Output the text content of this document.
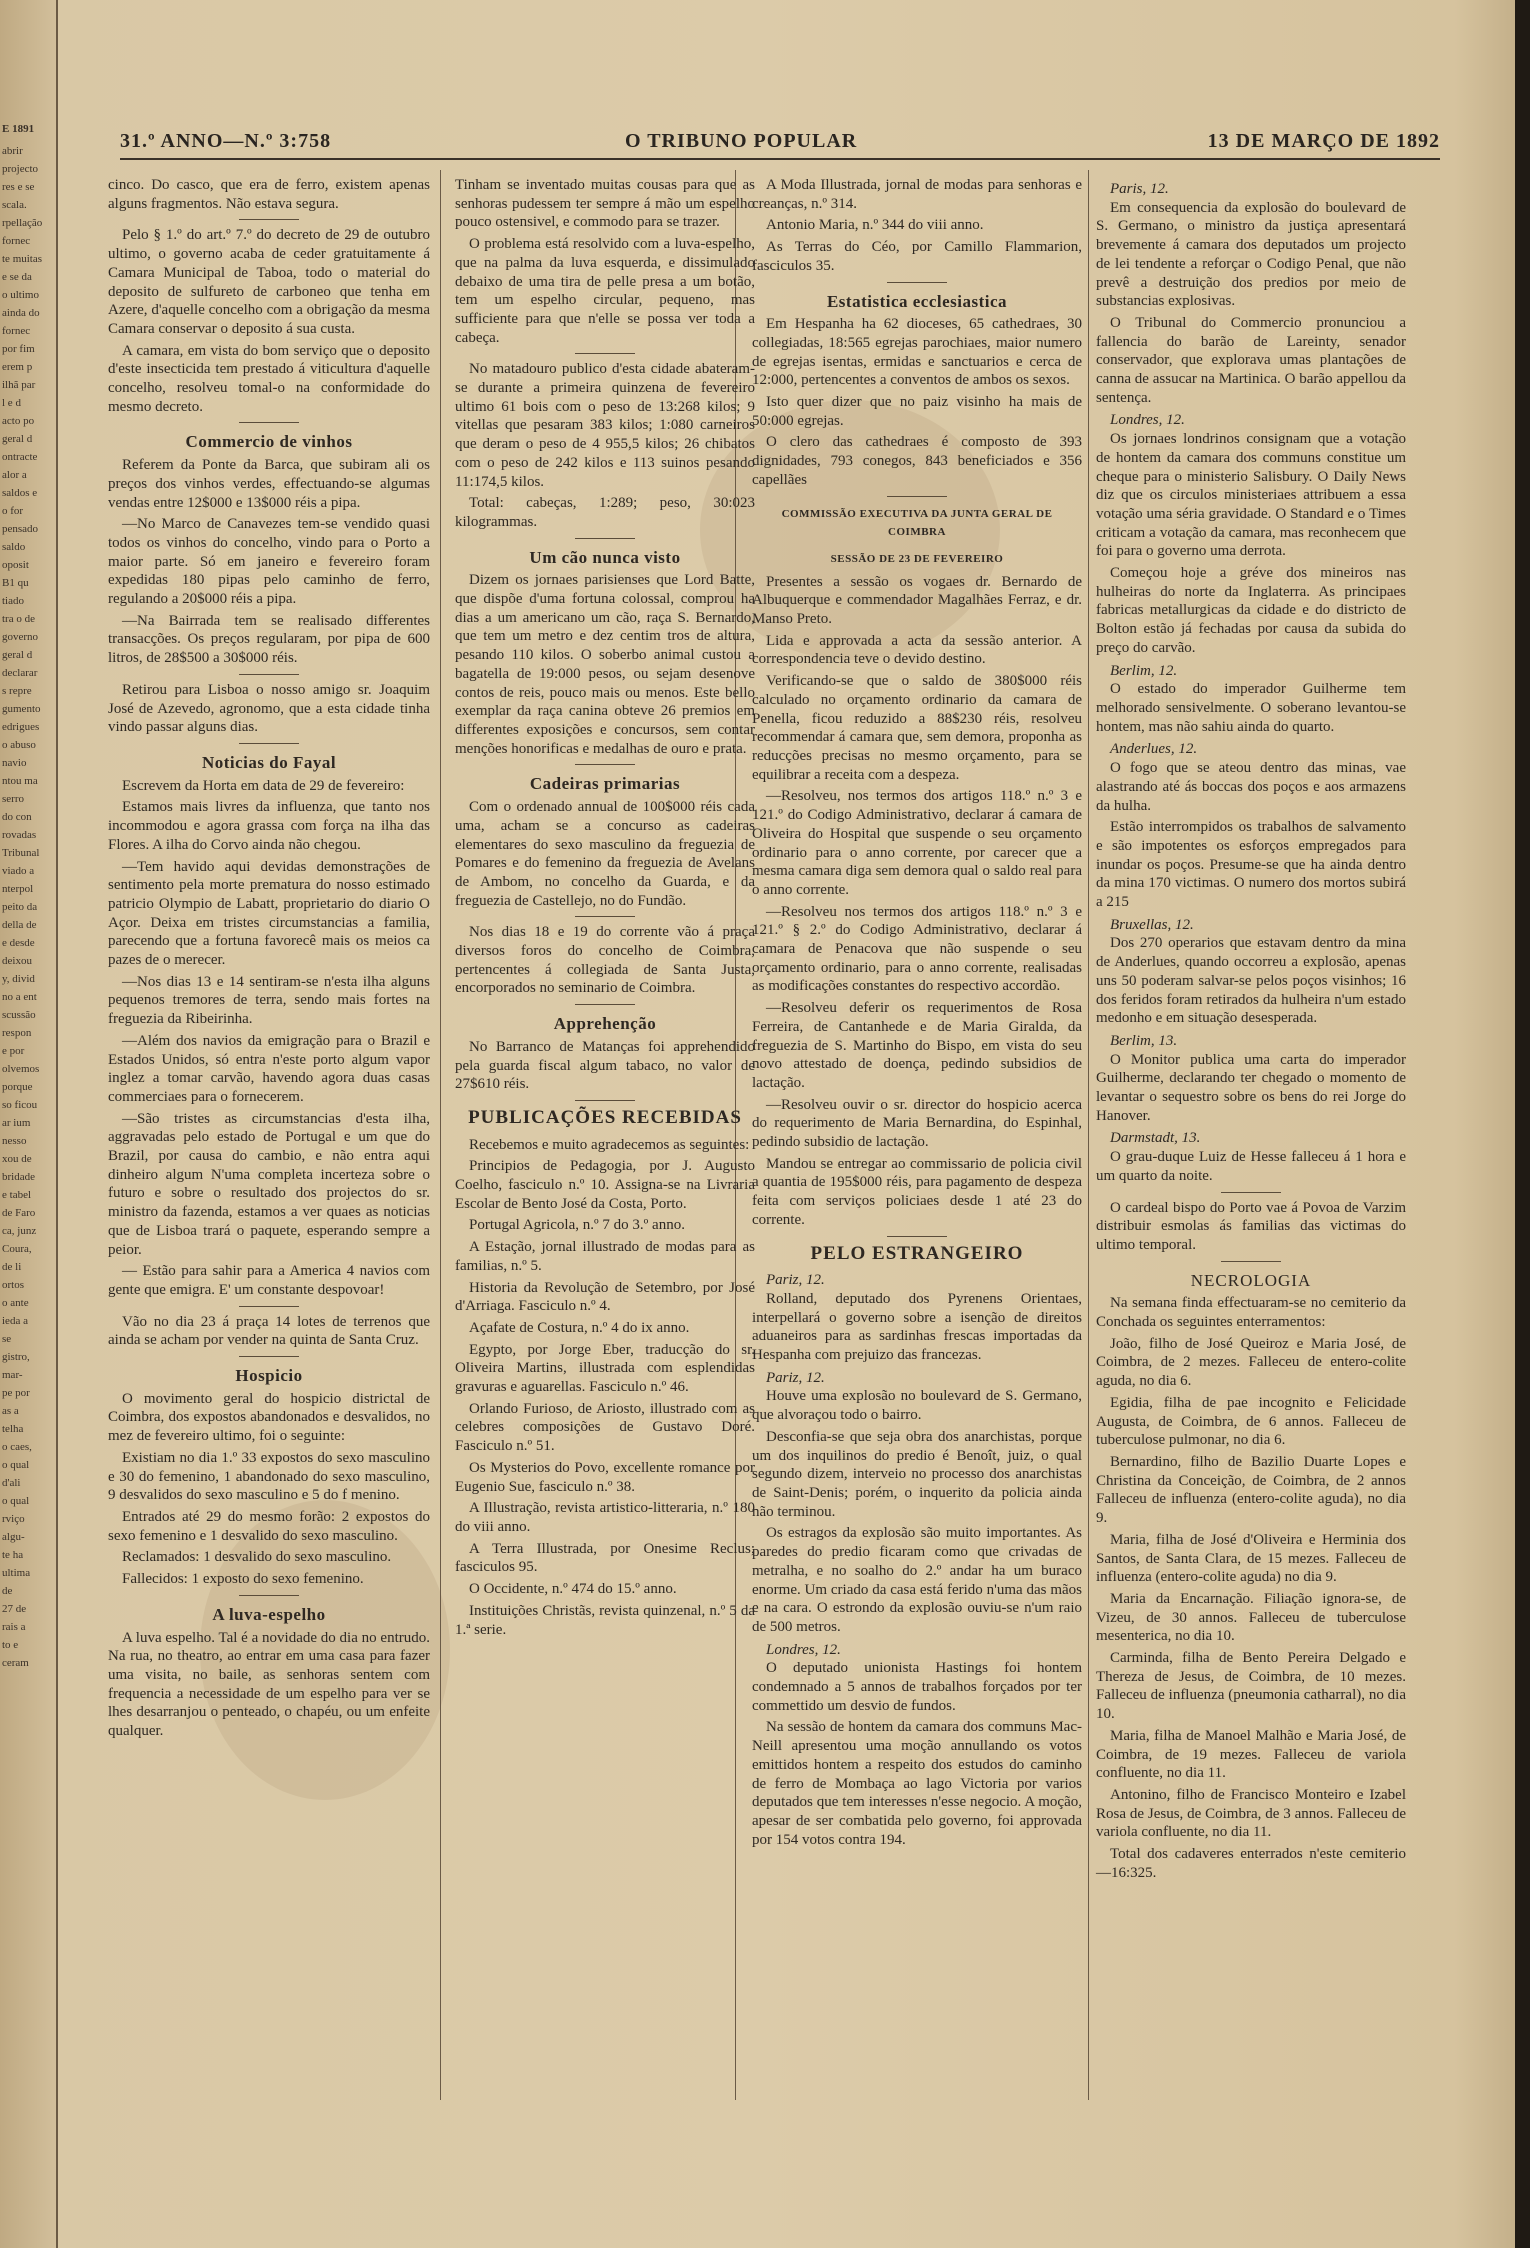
E 1891
abrir
projecto
res e se
scala.
rpellação
fornec
te muitas
e se da
o ultimo
ainda do
fornec
por fim
erem p
ilhã par
l e d
acto po
geral d
ontracte
alor a
saldos e
o for
pensado
saldo
oposit
B1 qu
tiado
tra o de
governo
geral d
declarar
s repre
gumento
edrigues
o abuso
navio
ntou ma
serro
do con
rovadas
Tribunal
viado a
nterpol
peito da
della de
e desde
deixou
y, divid
no a ent
scussão
respon
e por
olvemos
porque
so ficou
ar ium
nesso
xou de
bridade
e tabel
de Faro
ca, junz
Coura,
de li
ortos
o ante
ieda a
se
gistro,
mar-
pe por
as a
telha
o caes,
o qual
d'ali
o qual
rviço
algu-
te ha
ultima
de
27 de
rais a
to e
ceram
31.º ANNO—N.º 3:758	O TRIBUNO POPULAR	13 DE MARÇO DE 1892

cinco. Do casco, que era de ferro, existem apenas alguns fragmentos. Não estava segura.

Pelo § 1.º do art.º 7.º do decreto de 29 de outubro ultimo, o governo acaba de ceder gratuitamente á Camara Municipal de Taboa, todo o material do deposito de sulfureto de carboneo que tenha em Azere, d'aquelle concelho com a obrigação da mesma Camara conservar o deposito á sua custa.

A camara, em vista do bom serviço que o deposito d'este insecticida tem prestado á viticultura d'aquelle concelho, resolveu tomal-o na conformidade do mesmo decreto.

Commercio de vinhos

Referem da Ponte da Barca, que subiram ali os preços dos vinhos verdes, effectuando-se algumas vendas entre 12$000 e 13$000 réis a pipa.

—No Marco de Canavezes tem-se vendido quasi todos os vinhos do concelho, vindo para o Porto a maior parte. Só em janeiro e fevereiro foram expedidas 180 pipas pelo caminho de ferro, regulando a 20$000 réis a pipa.

—Na Bairrada tem se realisado differentes transacções. Os preços regularam, por pipa de 600 litros, de 28$500 a 30$000 réis.

Retirou para Lisboa o nosso amigo sr. Joaquim José de Azevedo, agronomo, que a esta cidade tinha vindo passar alguns dias.

Noticias do Fayal

Escrevem da Horta em data de 29 de fevereiro:

Estamos mais livres da influenza, que tanto nos incommodou e agora grassa com força na ilha das Flores. A ilha do Corvo ainda não chegou.

—Tem havido aqui devidas demonstrações de sentimento pela morte prematura do nosso estimado patricio Olympio de Labatt, proprietario do diario O Açor. Deixa em tristes circumstancias a familia, parecendo que a fortuna favorecê mais os meios ca pazes de o merecer.

—Nos dias 13 e 14 sentiram-se n'esta ilha alguns pequenos tremores de terra, sendo mais fortes na freguezia da Ribeirinha.

—Além dos navios da emigração para o Brazil e Estados Unidos, só entra n'este porto algum vapor inglez a tomar carvão, havendo agora duas casas commerciaes para o fornecerem.

—São tristes as circumstancias d'esta ilha, aggravadas pelo estado de Portugal e um que do Brazil, por causa do cambio, e não entra aqui dinheiro algum N'uma completa incerteza sobre o futuro e sobre o resultado dos projectos do sr. ministro da fazenda, estamos a ver quaes as noticias que de Lisboa trará o paquete, esperando sempre a peior.

— Estão para sahir para a America 4 navios com gente que emigra. E' um constante despovoar!

Vão no dia 23 á praça 14 lotes de terrenos que ainda se acham por vender na quinta de Santa Cruz.

Hospicio

O movimento geral do hospicio districtal de Coimbra, dos expostos abandonados e desvalidos, no mez de fevereiro ultimo, foi o seguinte:

Existiam no dia 1.º 33 expostos do sexo masculino e 30 do femenino, 1 abandonado do sexo masculino, 9 desvalidos do sexo masculino e 5 do f menino.

Entrados até 29 do mesmo forão: 2 expostos do sexo femenino e 1 desvalido do sexo masculino.

Reclamados: 1 desvalido do sexo masculino.

Fallecidos: 1 exposto do sexo femenino.

A luva-espelho

A luva espelho. Tal é a novidade do dia no entrudo. Na rua, no theatro, ao entrar em uma casa para fazer uma visita, no baile, as senhoras sentem com frequencia a necessidade de um espelho para ver se lhes desarranjou o penteado, o chapéu, ou um enfeite qualquer.

Tinham se inventado muitas cousas para que as senhoras pudessem ter sempre á mão um espelho pouco ostensivel, e commodo para se trazer.

O problema está resolvido com a luva-espelho, que na palma da luva esquerda, e dissimulado debaixo de uma tira de pelle presa a um botão, tem um espelho circular, pequeno, mas sufficiente para que n'elle se possa ver toda a cabeça.

No matadouro publico d'esta cidade abateram-se durante a primeira quinzena de fevereiro ultimo 61 bois com o peso de 13:268 kilos; 9 vitellas que pesaram 383 kilos; 1:080 carneiros que deram o peso de 4 955,5 kilos; 26 chibatos com o peso de 242 kilos e 113 suinos pesando 11:174,5 kilos.

Total: cabeças, 1:289; peso, 30:023 kilogrammas.

Um cão nunca visto

Dizem os jornaes parisienses que Lord Batte, que dispõe d'uma fortuna colossal, comprou ha dias a um americano um cão, raça S. Bernardo, que tem um metro e dez centim tros de altura, pesando 110 kilos. O soberbo animal custou a bagatella de 19:000 pesos, ou sejam desenove contos de reis, pouco mais ou menos. Este bello exemplar da raça canina obteve 26 premios em differentes exposições e concursos, sem contar menções honorificas e medalhas de ouro e prata.

Cadeiras primarias

Com o ordenado annual de 100$000 réis cada uma, acham se a concurso as cadeiras elementares do sexo masculino da freguezia de Pomares e do femenino da freguezia de Avelans de Ambom, no concelho da Guarda, e da freguezia de Castellejo, no do Fundão.

Nos dias 18 e 19 do corrente vão á praça diversos foros do concelho de Coimbra, pertencentes á collegiada de Santa Justa, encorporados no seminario de Coimbra.

Apprehenção

No Barranco de Matanças foi apprehendido pela guarda fiscal algum tabaco, no valor de 27$610 réis.

PUBLICAÇÕES RECEBIDAS

Recebemos e muito agradecemos as seguintes:

Principios de Pedagogia, por J. Augusto Coelho, fasciculo n.º 10. Assigna-se na Livraria Escolar de Bento José da Costa, Porto.

Portugal Agricola, n.º 7 do 3.º anno.

A Estação, jornal illustrado de modas para as familias, n.º 5.

Historia da Revolução de Setembro, por José d'Arriaga. Fasciculo n.º 4.

Açafate de Costura, n.º 4 do ix anno.

Egypto, por Jorge Eber, traducção do sr. Oliveira Martins, illustrada com esplendidas gravuras e aguarellas. Fasciculo n.º 46.

Orlando Furioso, de Ariosto, illustrado com as celebres composições de Gustavo Doré. Fasciculo n.º 51.

Os Mysterios do Povo, excellente romance por Eugenio Sue, fasciculo n.º 38.

A Illustração, revista artistico-litteraria, n.º 180 do viii anno.

A Terra Illustrada, por Onesime Reclus; fasciculos 95.

O Occidente, n.º 474 do 15.º anno.

Instituições Christãs, revista quinzenal, n.º 5 da 1.ª serie.

A Moda Illustrada, jornal de modas para senhoras e creanças, n.º 314.

Antonio Maria, n.º 344 do viii anno.

As Terras do Céo, por Camillo Flammarion, fasciculos 35.

Estatistica ecclesiastica

Em Hespanha ha 62 dioceses, 65 cathedraes, 30 collegiadas, 18:565 egrejas parochiaes, maior numero de egrejas isentas, ermidas e sanctuarios e cerca de 12:000, pertencentes a conventos de ambos os sexos.

Isto quer dizer que no paiz visinho ha mais de 50:000 egrejas.

O clero das cathedraes é composto de 393 dignidades, 793 conegos, 843 beneficiados e 356 capellães

COMMISSÃO EXECUTIVA DA JUNTA GERAL DE COIMBRA
SESSÃO DE 23 DE FEVEREIRO

Presentes a sessão os vogaes dr. Bernardo de Albuquerque e commendador Magalhães Ferraz, e dr. Manso Preto.

Lida e approvada a acta da sessão anterior. A correspondencia teve o devido destino.

Verificando-se que o saldo de 380$000 réis calculado no orçamento ordinario da camara de Penella, ficou reduzido a 88$230 réis, resolveu recommendar á camara que, sem demora, proponha as reducções precisas no mesmo orçamento, para se equilibrar a receita com a despeza.

—Resolveu, nos termos dos artigos 118.º n.º 3 e 121.º do Codigo Administrativo, declarar á camara de Oliveira do Hospital que suspende o seu orçamento ordinario para o anno corrente, por carecer que a mesma camara diga sem demora qual o saldo real para o anno corrente.

—Resolveu nos termos dos artigos 118.º n.º 3 e 121.º § 2.º do Codigo Administrativo, declarar á camara de Penacova que não suspende o seu orçamento ordinario, para o anno corrente, realisadas as modificações constantes do respectivo accordão.

—Resolveu deferir os requerimentos de Rosa Ferreira, de Cantanhede e de Maria Giralda, da freguezia de S. Martinho do Bispo, em vista do seu novo attestado de doença, pedindo subsidios de lactação.

—Resolveu ouvir o sr. director do hospicio acerca do requerimento de Maria Bernardina, do Espinhal, pedindo subsidio de lactação.

Mandou se entregar ao commissario de policia civil a quantia de 195$000 réis, para pagamento de despeza feita com serviços policiaes desde 1 até 23 do corrente.

PELO ESTRANGEIRO
Pariz, 12.

Rolland, deputado dos Pyrenens Orientaes, interpellará o governo sobre a isenção de direitos aduaneiros para as sardinhas frescas importadas da Hespanha com prejuizo das francezas.

Pariz, 12.

Houve uma explosão no boulevard de S. Germano, que alvoraçou todo o bairro.

Desconfia-se que seja obra dos anarchistas, porque um dos inquilinos do predio é Benoît, juiz, o qual segundo dizem, interveio no processo dos anarchistas de Saint-Denis; porém, o inquerito da policia ainda não terminou.

Os estragos da explosão são muito importantes. As paredes do predio ficaram como que crivadas de metralha, e no soalho do 2.º andar ha um buraco enorme. Um criado da casa está ferido n'uma das mãos e na cara. O estrondo da explosão ouviu-se n'um raio de 500 metros.

Londres, 12.

O deputado unionista Hastings foi hontem condemnado a 5 annos de trabalhos forçados por ter commettido um desvio de fundos.

Na sessão de hontem da camara dos communs Mac-Neill apresentou uma moção annullando os votos emittidos hontem a respeito dos estudos do caminho de ferro de Mombaça ao lago Victoria por varios deputados que tem interesses n'esse negocio. A moção, apesar de ser combatida pelo governo, foi approvada por 154 votos contra 194.

Paris, 12.

Em consequencia da explosão do boulevard de S. Germano, o ministro da justiça apresentará brevemente á camara dos deputados um projecto de lei tendente a reforçar o Codigo Penal, que não prevê a destruição dos predios por meio de substancias explosivas.

O Tribunal do Commercio pronunciou a fallencia do barão de Lareinty, senador conservador, que explorava umas plantações de canna de assucar na Martinica. O barão appellou da sentença.

Londres, 12.

Os jornaes londrinos consignam que a votação de hontem da camara dos communs constitue um cheque para o ministerio Salisbury. O Daily News diz que os circulos ministeriaes attribuem a essa votação uma séria gravidade. O Standard e o Times criticam a votação da camara, mas reconhecem que foi para o governo uma derrota.

Começou hoje a gréve dos mineiros nas hulheiras do norte da Inglaterra. As principaes fabricas metallurgicas da cidade e do districto de Bolton estão já fechadas por causa da subida do preço do carvão.

Berlim, 12.

O estado do imperador Guilherme tem melhorado sensivelmente. O soberano levantou-se hontem, mas não sahiu ainda do quarto.

Anderlues, 12.

O fogo que se ateou dentro das minas, vae alastrando até ás boccas dos poços e aos armazens da hulha.

Estão interrompidos os trabalhos de salvamento e são impotentes os esforços empregados para inundar os poços. Presume-se que ha ainda dentro da mina 170 victimas. O numero dos mortos subirá a 215

Bruxellas, 12.

Dos 270 operarios que estavam dentro da mina de Anderlues, quando occorreu a explosão, apenas uns 50 poderam salvar-se pelos poços visinhos; 16 dos feridos foram retirados da hulheira n'um estado medonho e em situação desesperada.

Berlim, 13.

O Monitor publica uma carta do imperador Guilherme, declarando ter chegado o momento de levantar o sequestro sobre os bens do rei Jorge do Hanover.

Darmstadt, 13.

O grau-duque Luiz de Hesse falleceu á 1 hora e um quarto da noite.

O cardeal bispo do Porto vae á Povoa de Varzim distribuir esmolas ás familias das victimas do ultimo temporal.

NECROLOGIA

Na semana finda effectuaram-se no cemiterio da Conchada os seguintes enterramentos:

João, filho de José Queiroz e Maria José, de Coimbra, de 2 mezes. Falleceu de entero-colite aguda, no dia 6.

Egidia, filha de pae incognito e Felicidade Augusta, de Coimbra, de 6 annos. Falleceu de tuberculose pulmonar, no dia 6.

Bernardino, filho de Bazilio Duarte Lopes e Christina da Conceição, de Coimbra, de 2 annos Falleceu de influenza (entero-colite aguda), no dia 9.

Maria, filha de José d'Oliveira e Herminia dos Santos, de Santa Clara, de 15 mezes. Falleceu de influenza (entero-colite aguda) no dia 9.

Maria da Encarnação. Filiação ignora-se, de Vizeu, de 30 annos. Falleceu de tuberculose mesenterica, no dia 10.

Carminda, filha de Bento Pereira Delgado e Thereza de Jesus, de Coimbra, de 10 mezes. Falleceu de influenza (pneumonia catharral), no dia 10.

Maria, filha de Manoel Malhão e Maria José, de Coimbra, de 19 mezes. Falleceu de variola confluente, no dia 11.

Antonino, filho de Francisco Monteiro e Izabel Rosa de Jesus, de Coimbra, de 3 annos. Falleceu de variola confluente, no dia 11.

Total dos cadaveres enterrados n'este cemiterio—16:325.
